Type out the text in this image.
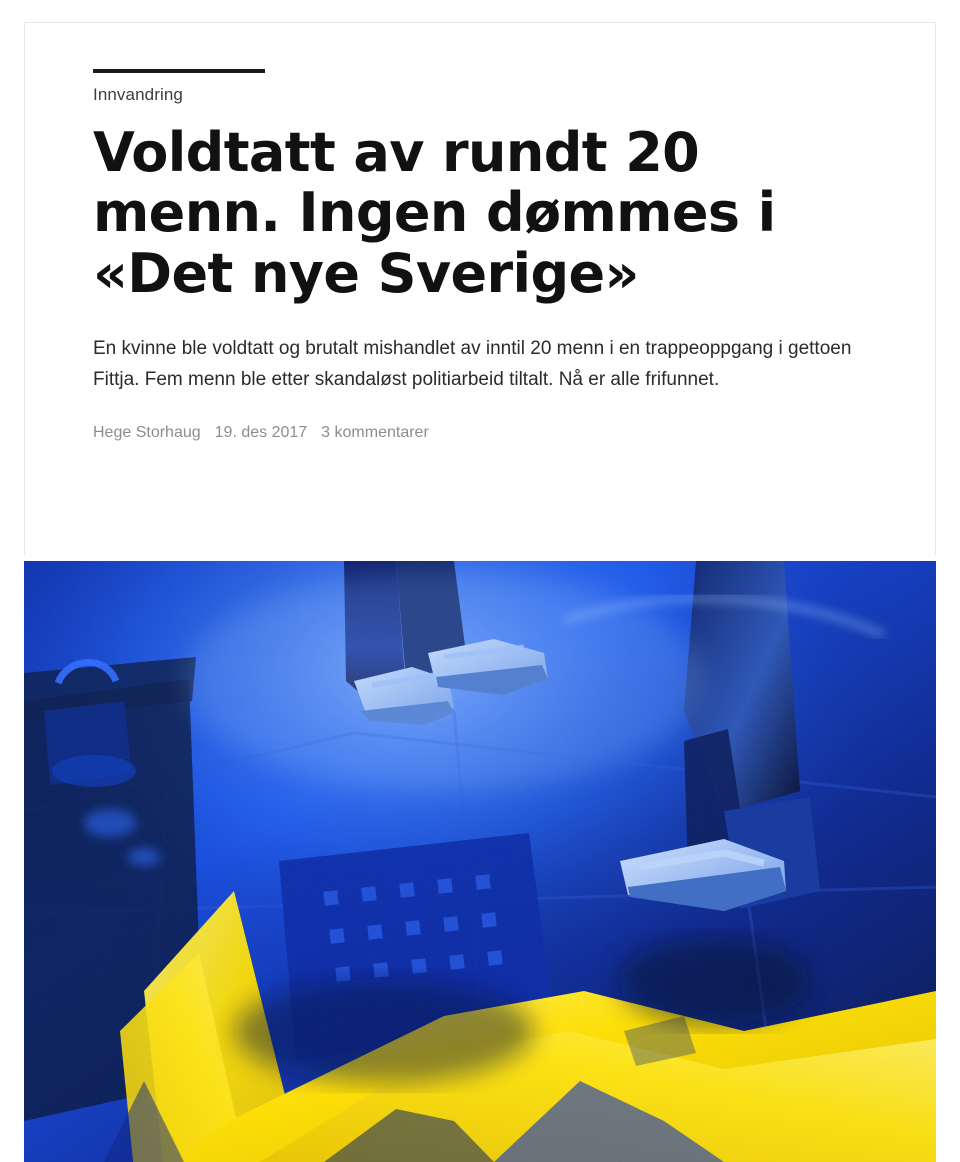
Innvandring
Voldtatt av rundt 20 menn. Ingen dømmes i «Det nye Sverige»

En kvinne ble voldtatt og brutalt mishandlet av inntil 20 menn i en trappeoppgang i gettoen Fittja. Fem menn ble etter skandaløst politiarbeid tiltalt. Nå er alle frifunnet.

Hege Storhaug 19. des 2017 3 kommentarer
